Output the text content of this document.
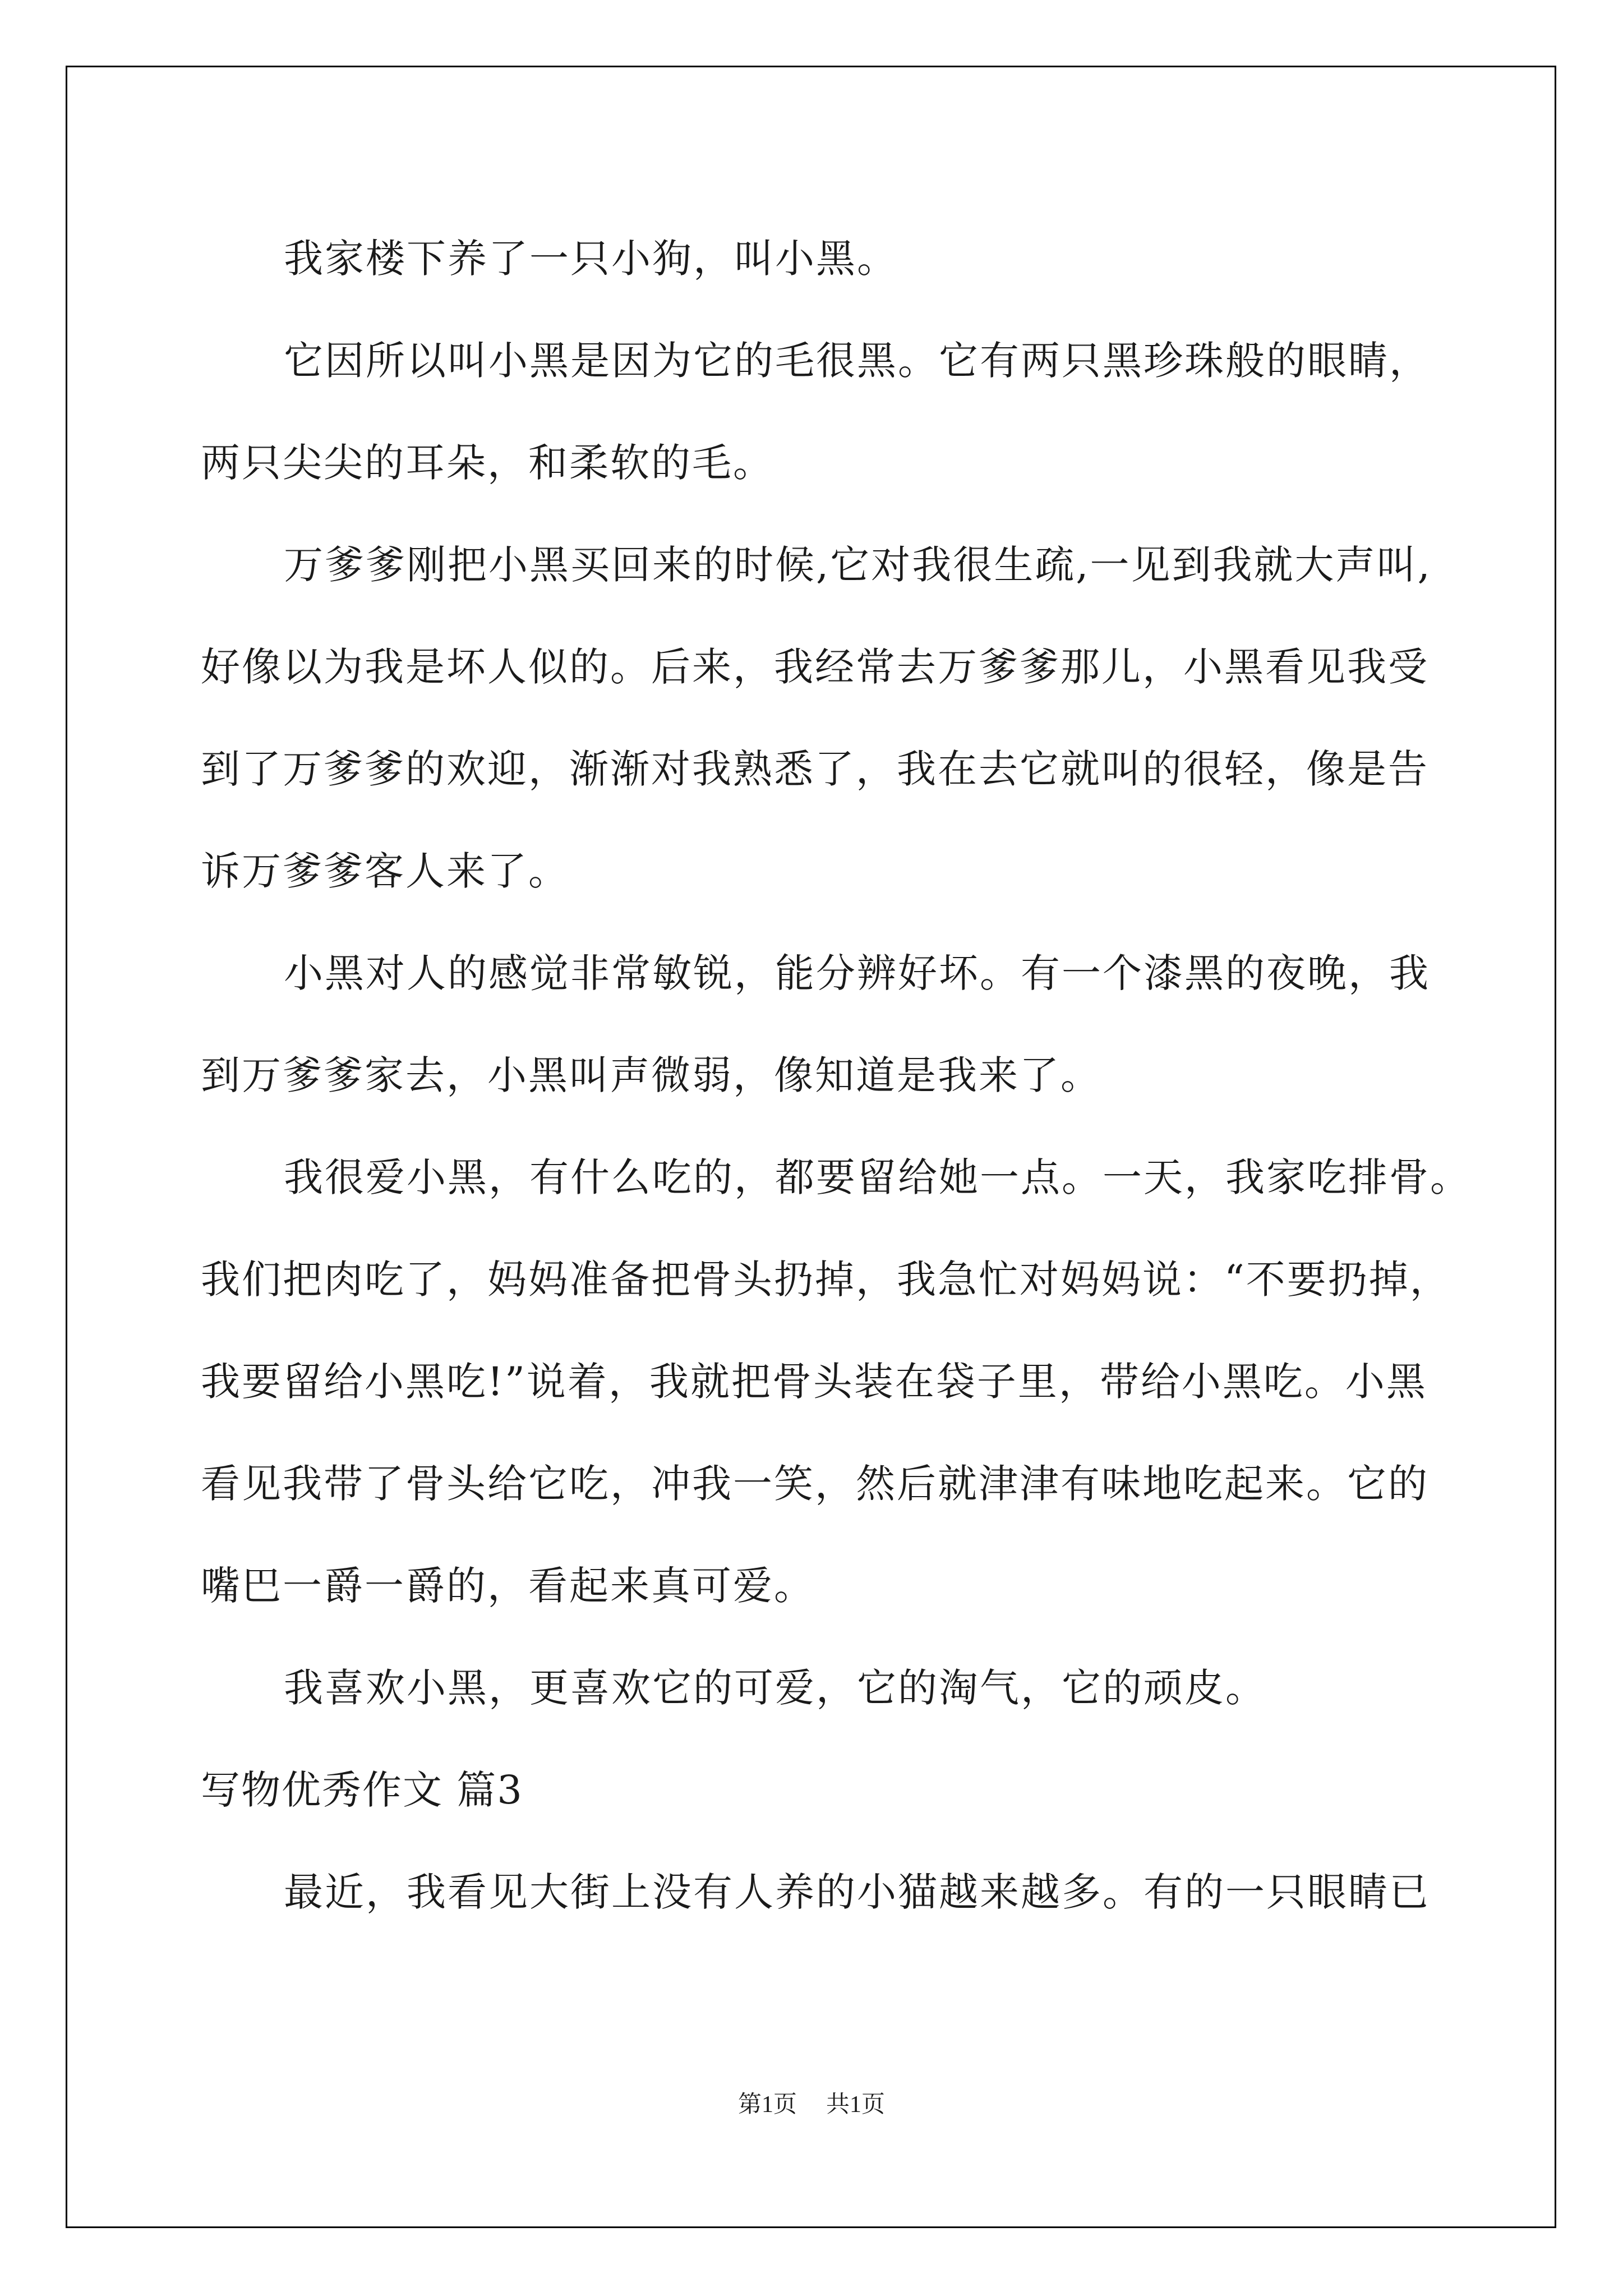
我家楼下养了一只小狗，叫小黑。
它因所以叫小黑是因为它的毛很黑。它有两只黑珍珠般的眼睛，
两只尖尖的耳朵，和柔软的毛。
万爹爹刚把小黑买回来的时候,它对我很生疏,一见到我就大声叫,
好像以为我是坏人似的。后来，我经常去万爹爹那儿，小黑看见我受
到了万爹爹的欢迎，渐渐对我熟悉了，我在去它就叫的很轻，像是告
诉万爹爹客人来了。
小黑对人的感觉非常敏锐，能分辨好坏。有一个漆黑的夜晚，我
到万爹爹家去，小黑叫声微弱，像知道是我来了。
我很爱小黑，有什么吃的，都要留给她一点。一天，我家吃排骨。
我们把肉吃了，妈妈准备把骨头扔掉，我急忙对妈妈说：“不要扔掉，
我要留给小黑吃!”说着，我就把骨头装在袋子里，带给小黑吃。小黑
看见我带了骨头给它吃，冲我一笑，然后就津津有味地吃起来。它的
嘴巴一爵一爵的，看起来真可爱。
我喜欢小黑，更喜欢它的可爱，它的淘气，它的顽皮。
写物优秀作文 篇3
最近，我看见大街上没有人养的小猫越来越多。有的一只眼睛已
第1页 共1页
